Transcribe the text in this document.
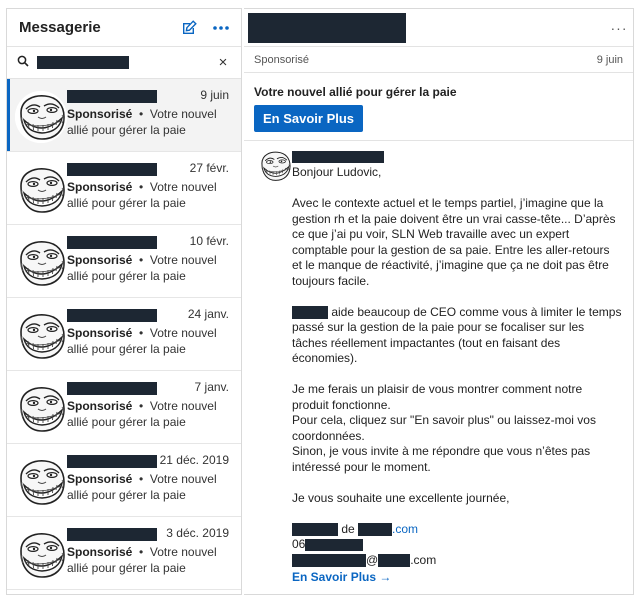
Messagerie
×
9 juin
Sponsorisé  •  Votre nouvel allié pour gérer la paie
27 févr.
Sponsorisé  •  Votre nouvel allié pour gérer la paie
10 févr.
Sponsorisé  •  Votre nouvel allié pour gérer la paie
24 janv.
Sponsorisé  •  Votre nouvel allié pour gérer la paie
7 janv.
Sponsorisé  •  Votre nouvel allié pour gérer la paie
21 déc. 2019
Sponsorisé  •  Votre nouvel allié pour gérer la paie
3 déc. 2019
Sponsorisé  •  Votre nouvel allié pour gérer la paie
···
Sponsorisé	9 juin
Votre nouvel allié pour gérer la paie
En Savoir Plus
Bonjour Ludovic,
Avec le contexte actuel et le temps partiel, j’imagine que la gestion rh et la paie doivent être un vrai casse-tête... D’après ce que j’ai pu voir, SLN Web travaille avec un expert comptable pour la gestion de sa paie. Entre les aller-retours et le manque de réactivité, j’imagine que ça ne doit pas être toujours facile.
aide beaucoup de CEO comme vous à limiter le temps passé sur la gestion de la paie pour se focaliser sur les tâches réellement impactantes (tout en faisant des économies).
Je me ferais un plaisir de vous montrer comment notre produit fonctionne.
Pour cela, cliquez sur "En savoir plus" ou laissez-moi vos coordonnées.
Sinon, je vous invite à me répondre que vous n’êtes pas intéressé pour le moment.
Je vous souhaite une excellente journée,
de	.com
06
@	.com
En Savoir Plus →
